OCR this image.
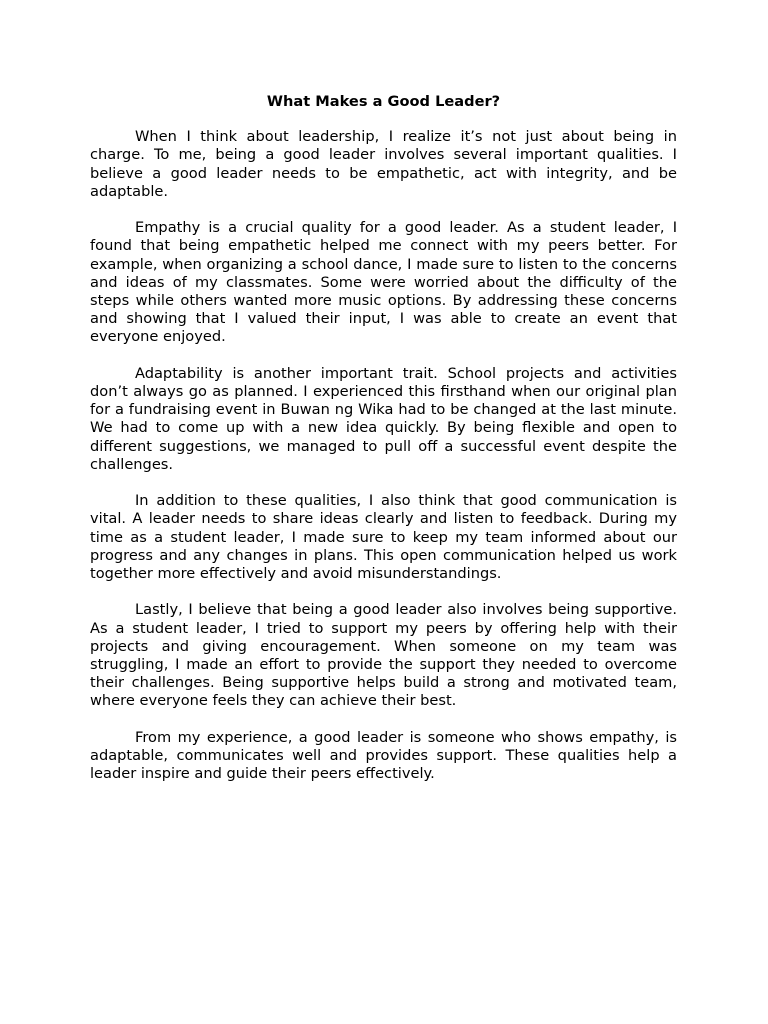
What Makes a Good Leader?

When I think about leadership, I realize it’s not just about being in charge. To me, being a good leader involves several important qualities. I believe a good leader needs to be empathetic, act with integrity, and be adaptable.

Empathy is a crucial quality for a good leader. As a student leader, I found that being empathetic helped me connect with my peers better. For example, when organizing a school dance, I made sure to listen to the concerns and ideas of my classmates. Some were worried about the difficulty of the steps while others wanted more music options. By addressing these concerns and showing that I valued their input, I was able to create an event that everyone enjoyed.

Adaptability is another important trait. School projects and activities don’t always go as planned. I experienced this firsthand when our original plan for a fundraising event in Buwan ng Wika had to be changed at the last minute. We had to come up with a new idea quickly. By being flexible and open to different suggestions, we managed to pull off a successful event despite the challenges.

In addition to these qualities, I also think that good communication is vital. A leader needs to share ideas clearly and listen to feedback. During my time as a student leader, I made sure to keep my team informed about our progress and any changes in plans. This open communication helped us work together more effectively and avoid misunderstandings.

Lastly, I believe that being a good leader also involves being supportive. As a student leader, I tried to support my peers by offering help with their projects and giving encouragement. When someone on my team was struggling, I made an effort to provide the support they needed to overcome their challenges. Being supportive helps build a strong and motivated team, where everyone feels they can achieve their best.

From my experience, a good leader is someone who shows empathy, is adaptable, communicates well and provides support. These qualities help a leader inspire and guide their peers effectively.
